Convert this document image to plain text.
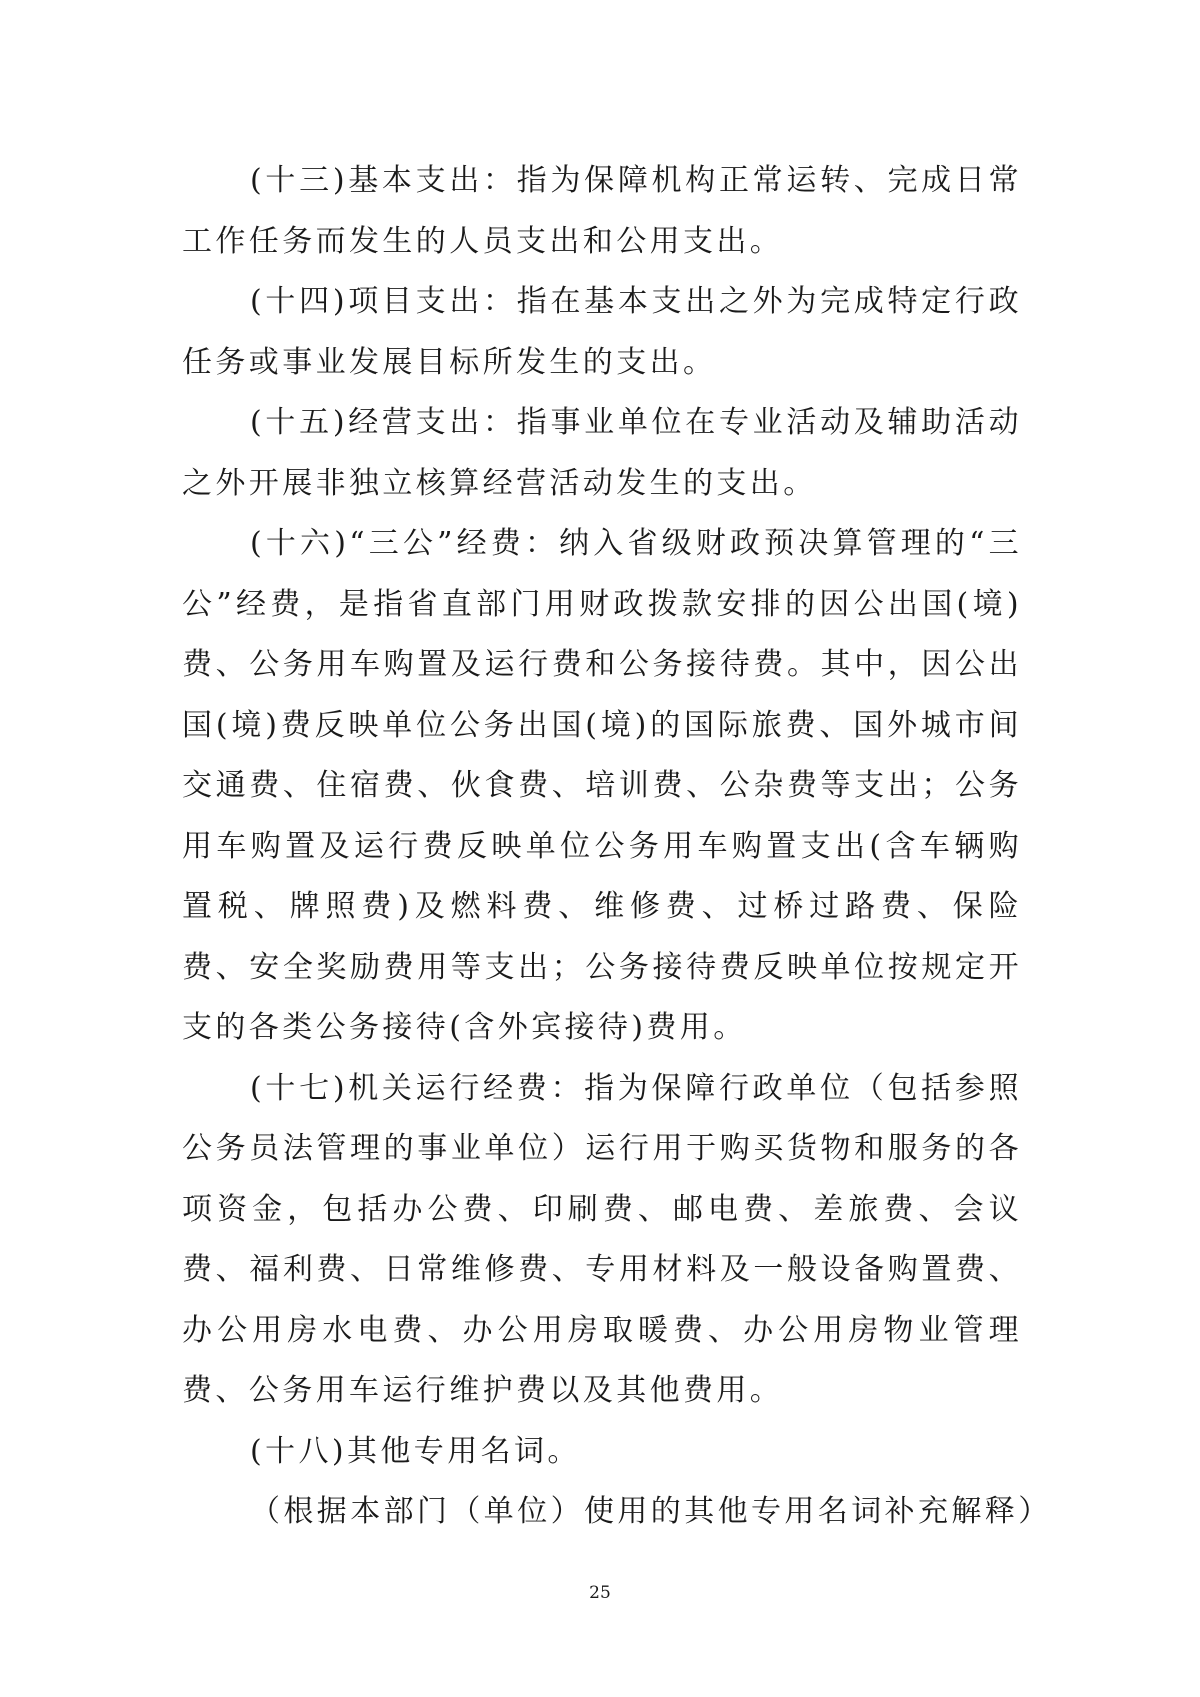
(十三)基本支出：指为保障机构正常运转、完成日常工作任务而发生的人员支出和公用支出。

(十四)项目支出：指在基本支出之外为完成特定行政任务或事业发展目标所发生的支出。

(十五)经营支出：指事业单位在专业活动及辅助活动之外开展非独立核算经营活动发生的支出。

(十六)“三公”经费：纳入省级财政预决算管理的“三公”经费，是指省直部门用财政拨款安排的因公出国(境)费、公务用车购置及运行费和公务接待费。其中，因公出国(境)费反映单位公务出国(境)的国际旅费、国外城市间交通费、住宿费、伙食费、培训费、公杂费等支出；公务用车购置及运行费反映单位公务用车购置支出(含车辆购置税、牌照费)及燃料费、维修费、过桥过路费、保险费、安全奖励费用等支出；公务接待费反映单位按规定开支的各类公务接待(含外宾接待)费用。

(十七)机关运行经费：指为保障行政单位（包括参照公务员法管理的事业单位）运行用于购买货物和服务的各项资金，包括办公费、印刷费、邮电费、差旅费、会议费、福利费、日常维修费、专用材料及一般设备购置费、办公用房水电费、办公用房取暖费、办公用房物业管理费、公务用车运行维护费以及其他费用。

(十八)其他专用名词。

（根据本部门（单位）使用的其他专用名词补充解释）

25
